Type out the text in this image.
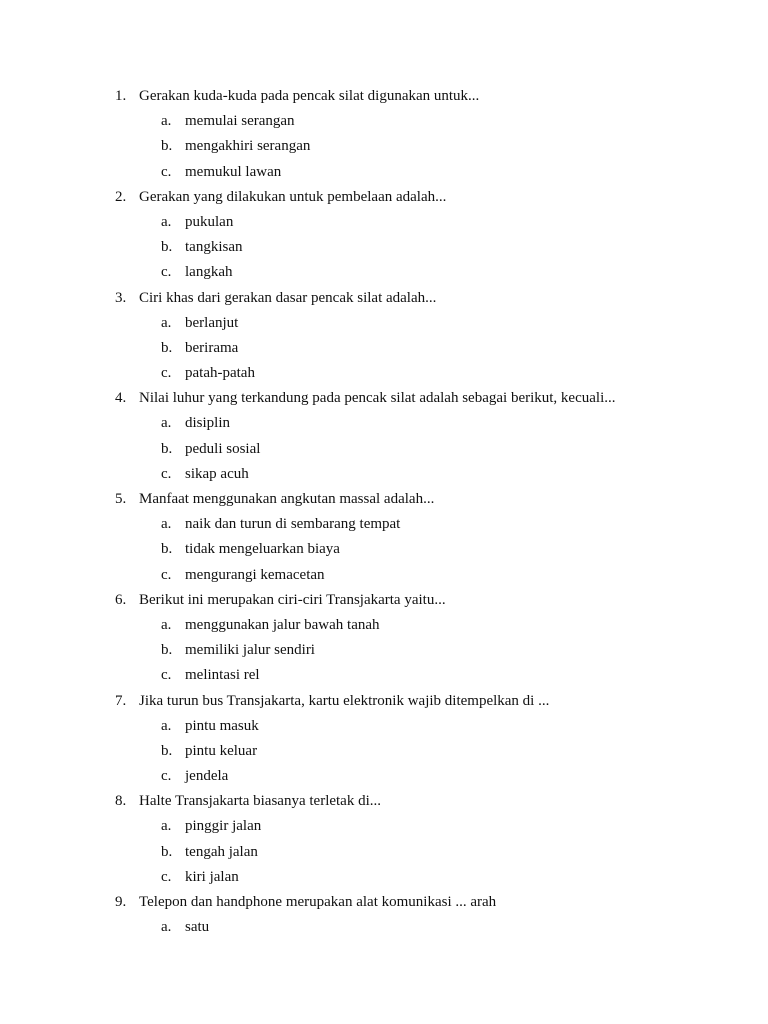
1. Gerakan kuda-kuda pada pencak silat digunakan untuk...
a. memulai serangan
b. mengakhiri serangan
c. memukul lawan
2. Gerakan yang dilakukan untuk pembelaan adalah...
a. pukulan
b. tangkisan
c. langkah
3. Ciri khas dari gerakan dasar pencak silat adalah...
a. berlanjut
b. berirama
c. patah-patah
4. Nilai luhur yang terkandung pada pencak silat adalah sebagai berikut, kecuali...
a. disiplin
b. peduli sosial
c. sikap acuh
5. Manfaat menggunakan angkutan massal adalah...
a. naik dan turun di sembarang tempat
b. tidak mengeluarkan biaya
c. mengurangi kemacetan
6. Berikut ini merupakan ciri-ciri Transjakarta yaitu...
a. menggunakan jalur bawah tanah
b. memiliki jalur sendiri
c. melintasi rel
7. Jika turun bus Transjakarta, kartu elektronik wajib ditempelkan di ...
a. pintu masuk
b. pintu keluar
c. jendela
8. Halte Transjakarta biasanya terletak di...
a. pinggir jalan
b. tengah jalan
c. kiri jalan
9. Telepon dan handphone merupakan alat komunikasi ... arah
a. satu
